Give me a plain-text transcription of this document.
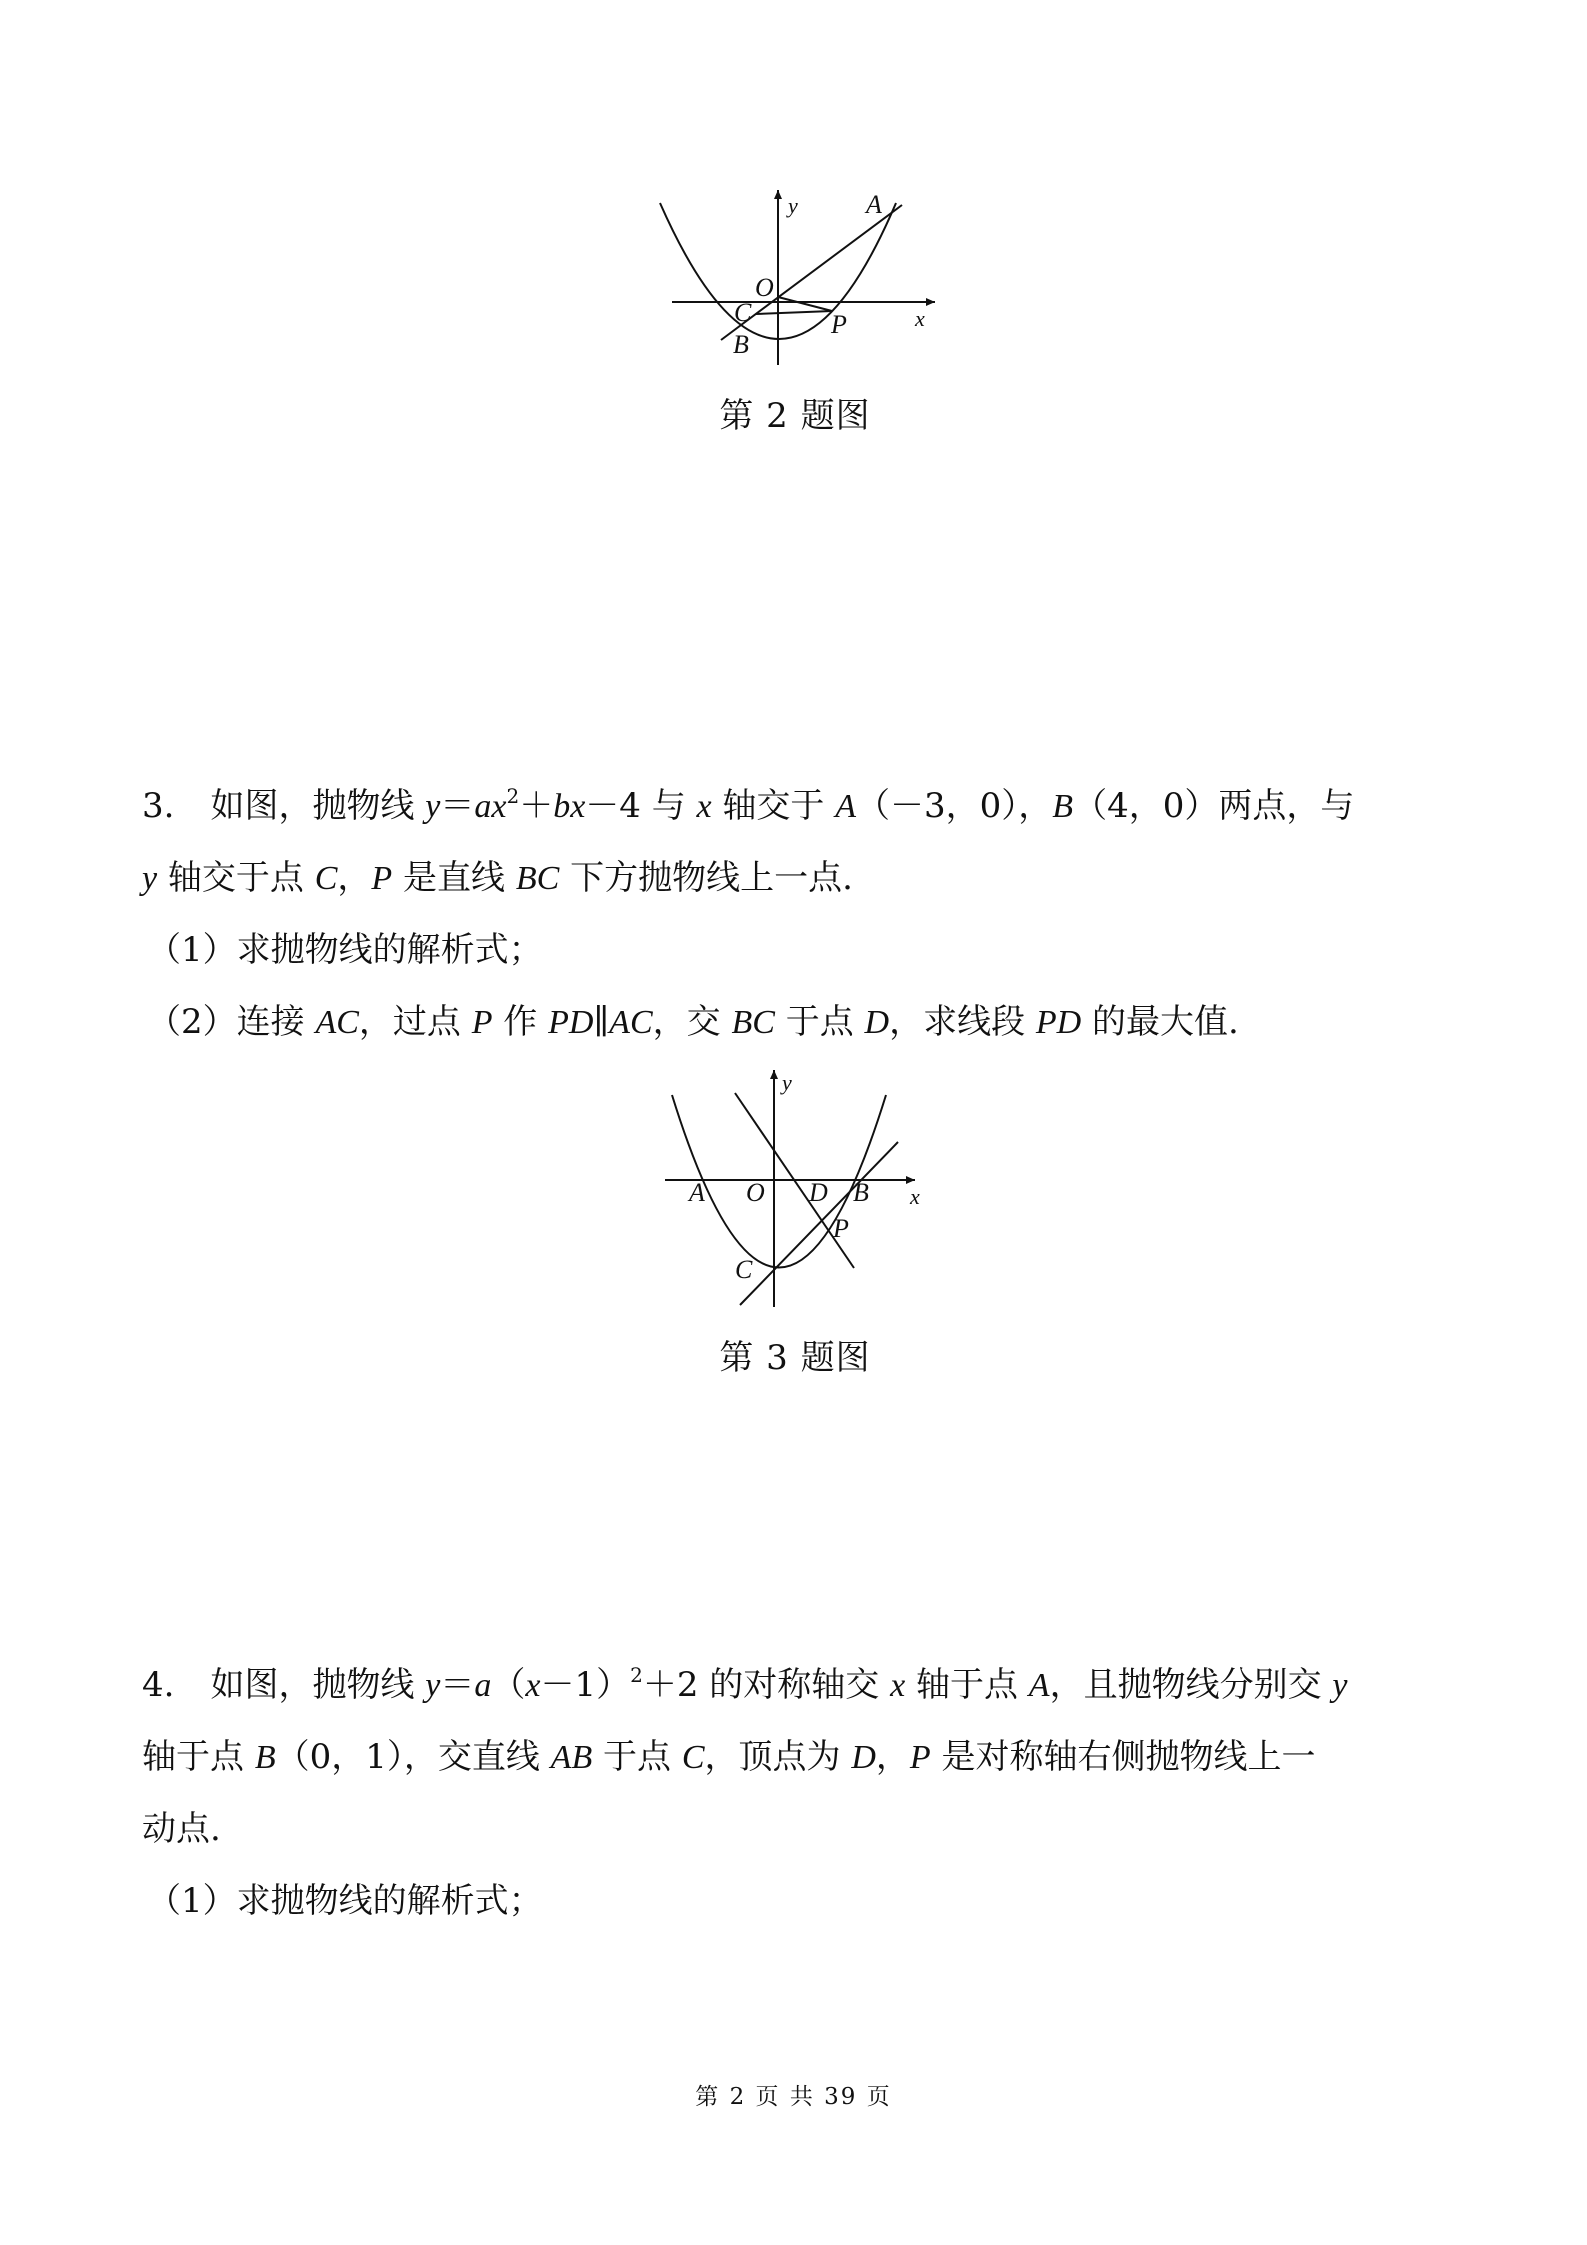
y
x
A
O
C
B
P
第 2 题图
3. 如图，抛物线 $y=ax^2+bx-4$ 与 x 轴交于 A（－3，0），B（4，0）两点，与
y 轴交于点 C，P 是直线 BC 下方抛物线上一点.
（1）求抛物线的解析式；
（2）连接 AC，过点 P 作 PD∥AC，交 BC 于点 D，求线段 PD 的最大值.
y
x
A O D B
P
C
第 3 题图
4. 如图，抛物线 $y=a(x-1)^2+2$ 的对称轴交 x 轴于点 A，且抛物线分别交 y
轴于点 B（0，1），交直线 AB 于点 C，顶点为 D，P 是对称轴右侧抛物线上一
动点.
（1）求抛物线的解析式；
第 2 页 共 39 页
